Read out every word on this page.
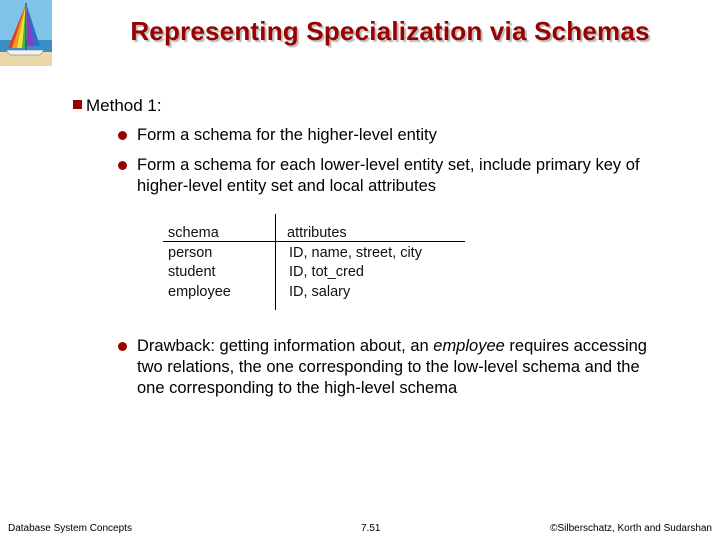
Representing Specialization via Schemas
Method 1:
Form a schema for the higher-level entity
Form a schema for each lower-level entity set, include primary key of higher-level entity set and local attributes
schema
person
student
employee
attributes
ID, name, street, city
ID, tot_cred
ID, salary
Drawback: getting information about, an employee requires accessing two relations, the one corresponding to the low-level schema and the one corresponding to the high-level schema
Database System Concepts	7.51	©Silberschatz, Korth and Sudarshan
